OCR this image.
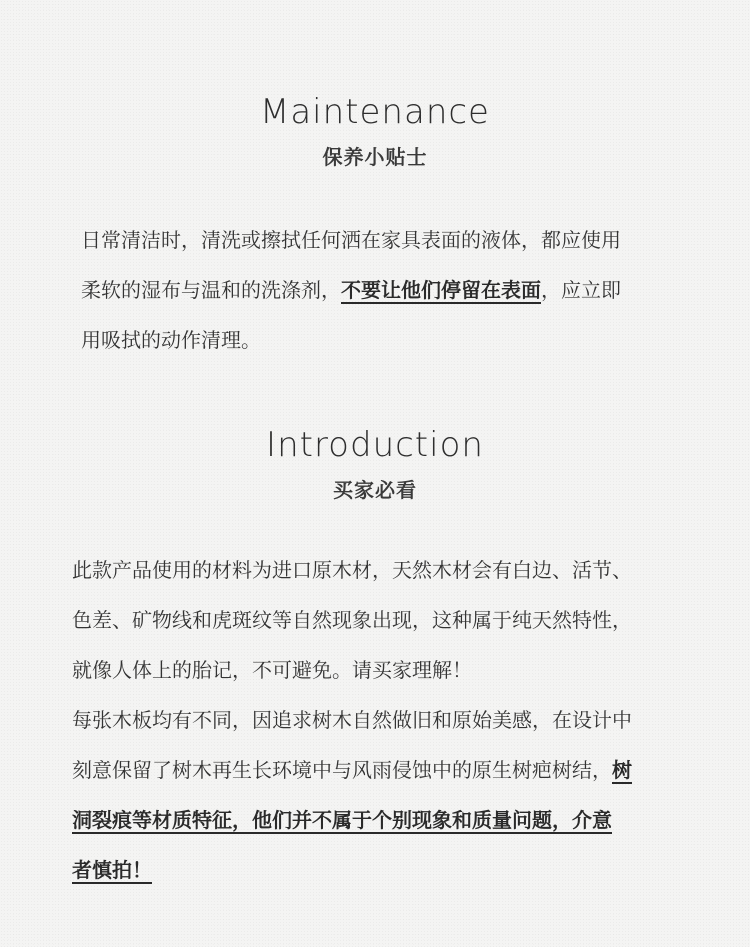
Maintenance
保养小贴士
日常清洁时，清洗或擦拭任何洒在家具表面的液体，都应使用
柔软的湿布与温和的洗涤剂，不要让他们停留在表面，应立即
用吸拭的动作清理。
Introduction
买家必看
此款产品使用的材料为进口原木材，天然木材会有白边、活节、
色差、矿物线和虎斑纹等自然现象出现，这种属于纯天然特性，
就像人体上的胎记，不可避免。请买家理解！
每张木板均有不同，因追求树木自然做旧和原始美感，在设计中
刻意保留了树木再生长环境中与风雨侵蚀中的原生树疤树结，树
洞裂痕等材质特征，他们并不属于个别现象和质量问题，介意
者慎拍！
